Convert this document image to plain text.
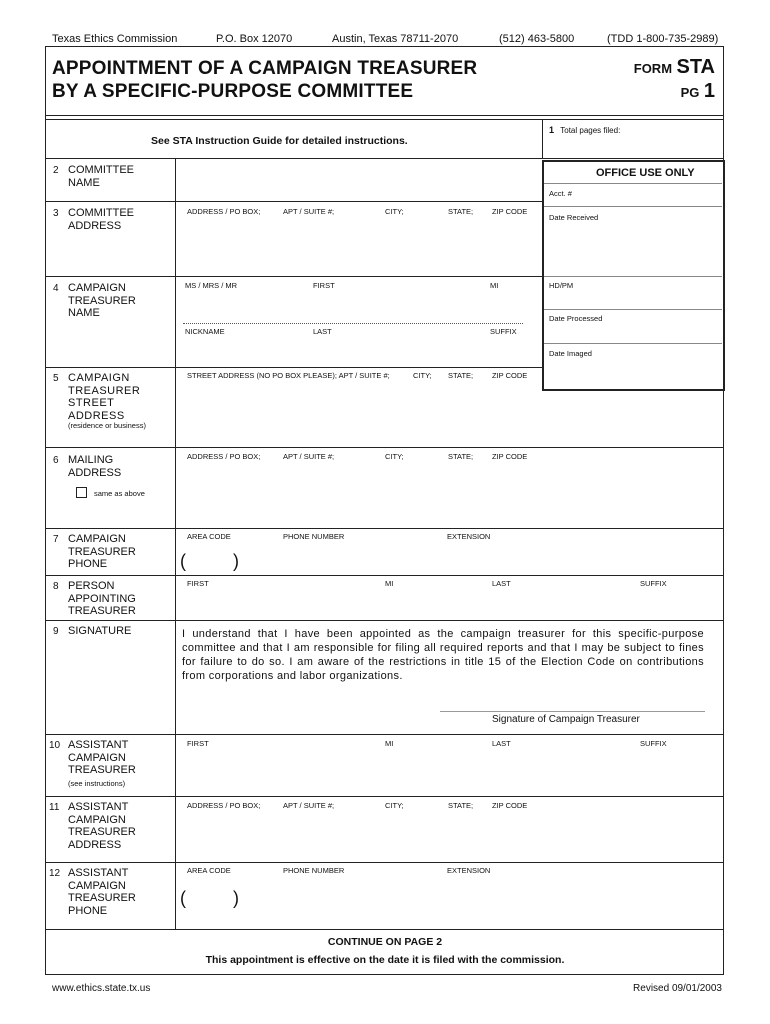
Texas Ethics Commission	P.O. Box 12070	Austin, Texas 78711-2070	(512) 463-5800	(TDD 1-800-735-2989)
APPOINTMENT OF A CAMPAIGN TREASURER
BY A SPECIFIC-PURPOSE COMMITTEE
FORM STA
PG 1
See STA Instruction Guide for detailed instructions.
1 Total pages filed:
OFFICE USE ONLY
Acct. #
Date Received
HD/PM
Date Processed
Date Imaged
2 COMMITTEE
NAME
3 COMMITTEE
ADDRESS
ADDRESS / PO BOX;	APT / SUITE #;	CITY;	STATE;	ZIP CODE
4 CAMPAIGN
TREASURER
NAME
MS / MRS / MR	FIRST	MI
NICKNAME	LAST	SUFFIX
5 CAMPAIGN
TREASURER
STREET
ADDRESS
(residence or business)
STREET ADDRESS (NO PO BOX PLEASE); APT / SUITE #;	CITY; STATE;	ZIP CODE
6 MAILING
ADDRESS
same as above
ADDRESS / PO BOX;	APT / SUITE #;	CITY;	STATE;	ZIP CODE
7 CAMPAIGN
TREASURER
PHONE
AREA CODE	PHONE NUMBER	EXTENSION
(	)
8 PERSON
APPOINTING
TREASURER
FIRST	MI	LAST	SUFFIX
9 SIGNATURE	I understand that I have been appointed as the campaign treasurer for this specific-purpose committee and that I am responsible for filing all required reports and that I may be subject to fines for failure to do so. I am aware of the restrictions in title 15 of the Election Code on contributions from corporations and labor organizations.
Signature of Campaign Treasurer
10 ASSISTANT
CAMPAIGN
TREASURER
(see instructions)
FIRST	MI	LAST	SUFFIX
11 ASSISTANT
CAMPAIGN
TREASURER
ADDRESS
ADDRESS / PO BOX;	APT / SUITE #;	CITY;	STATE;	ZIP CODE
12 ASSISTANT
CAMPAIGN
TREASURER
PHONE
AREA CODE	PHONE NUMBER	EXTENSION
(	)
CONTINUE ON PAGE 2
This appointment is effective on the date it is filed with the commission.
www.ethics.state.tx.us	Revised 09/01/2003
